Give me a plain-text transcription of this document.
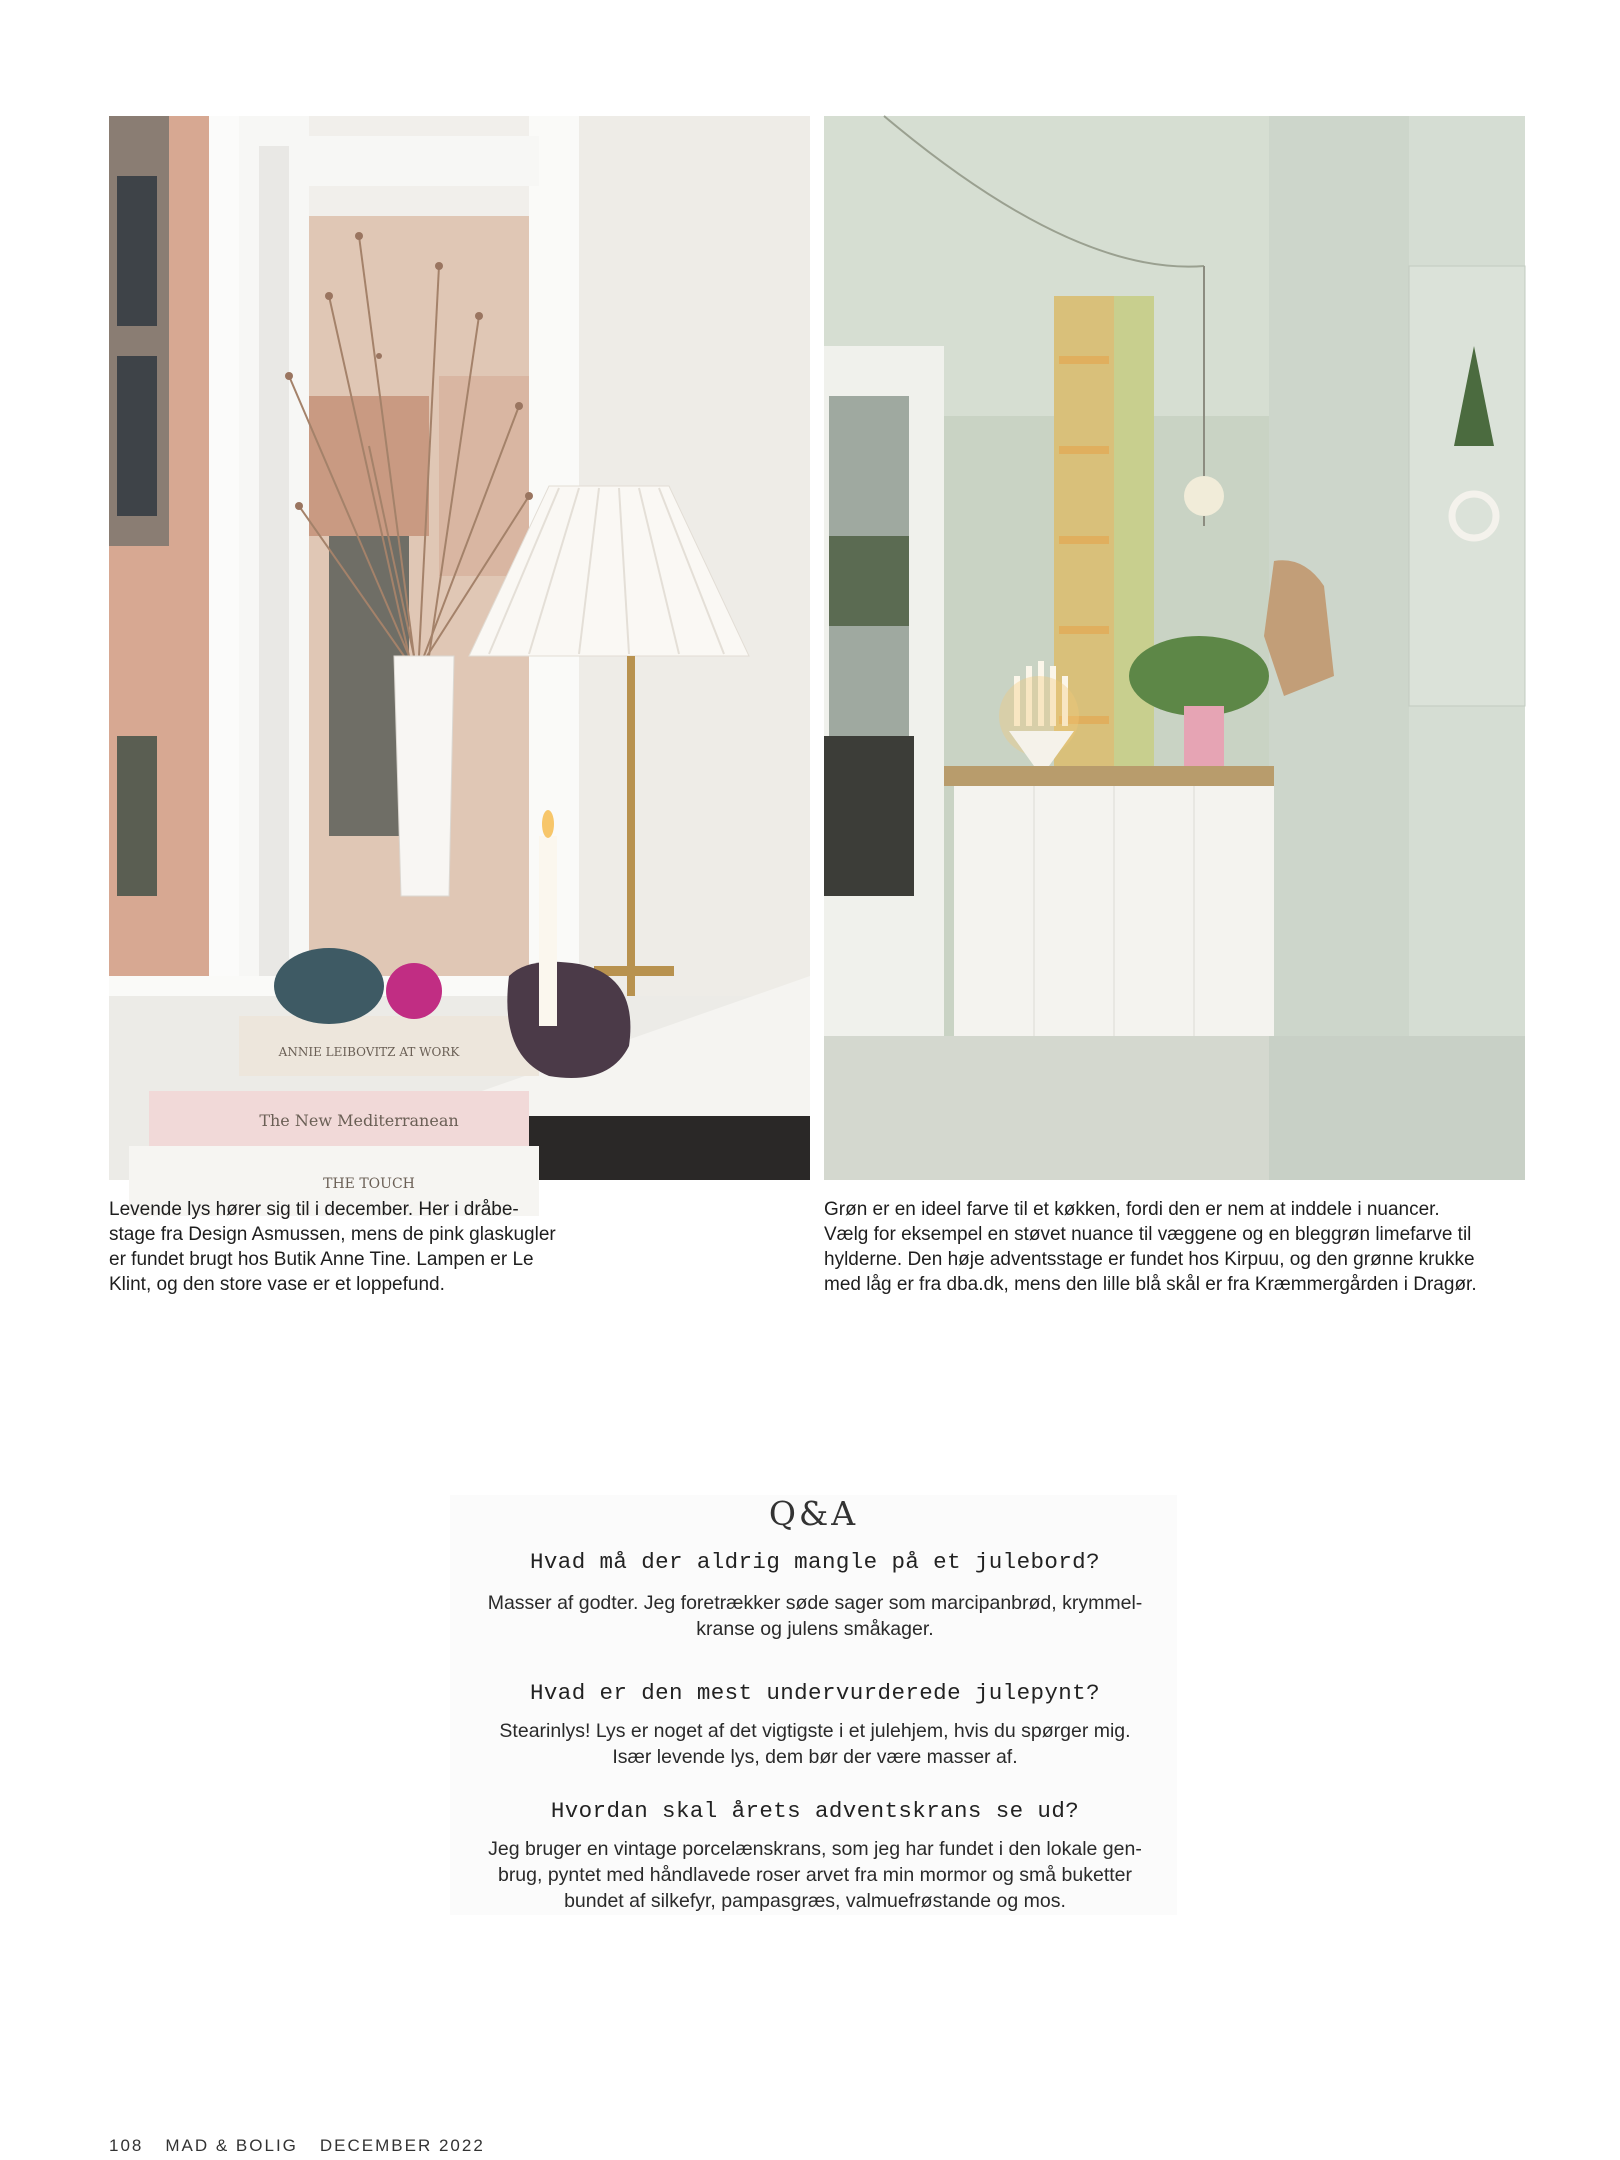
ANNIE LEIBOVITZ AT WORK
The New Mediterranean
THE TOUCH
Levende lys hører sig til i december. Her i dråbe-
stage fra Design Asmussen, mens de pink glaskugler
er fundet brugt hos Butik Anne Tine. Lampen er Le
Klint, og den store vase er et loppefund.
Grøn er en ideel farve til et køkken, fordi den er nem at inddele i nuancer.
Vælg for eksempel en støvet nuance til væggene og en bleggrøn limefarve til
hylderne. Den høje adventsstage er fundet hos Kirpuu, og den grønne krukke
med låg er fra dba.dk, mens den lille blå skål er fra Kræmmergården i Dragør.
Q&A
Hvad må der aldrig mangle på et julebord?
Masser af godter. Jeg foretrækker søde sager som marcipanbrød, krymmel-
kranse og julens småkager.
Hvad er den mest undervurderede julepynt?
Stearinlys! Lys er noget af det vigtigste i et julehjem, hvis du spørger mig.
Især levende lys, dem bør der være masser af.
Hvordan skal årets adventskrans se ud?
Jeg bruger en vintage porcelænskrans, som jeg har fundet i den lokale gen-
brug, pyntet med håndlavede roser arvet fra min mormor og små buketter
bundet af silkefyr, pampasgræs, valmuefrøstande og mos.
108 MAD & BOLIG DECEMBER 2022
